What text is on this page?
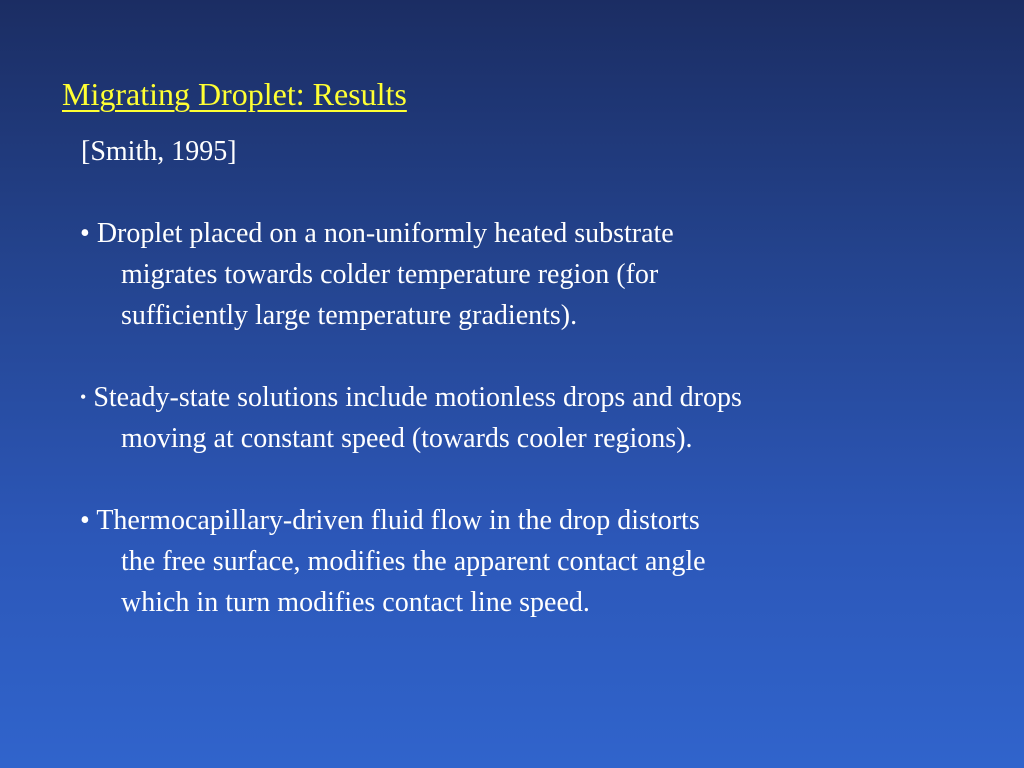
Migrating Droplet: Results
[Smith, 1995]
• Droplet placed on a non-uniformly heated substrate
migrates towards colder temperature region (for
sufficiently large temperature gradients).
• Steady-state solutions include motionless drops and drops
moving at constant speed (towards cooler regions).
• Thermocapillary-driven fluid flow in the drop distorts
the free surface, modifies the apparent contact angle
which in turn modifies contact line speed.
